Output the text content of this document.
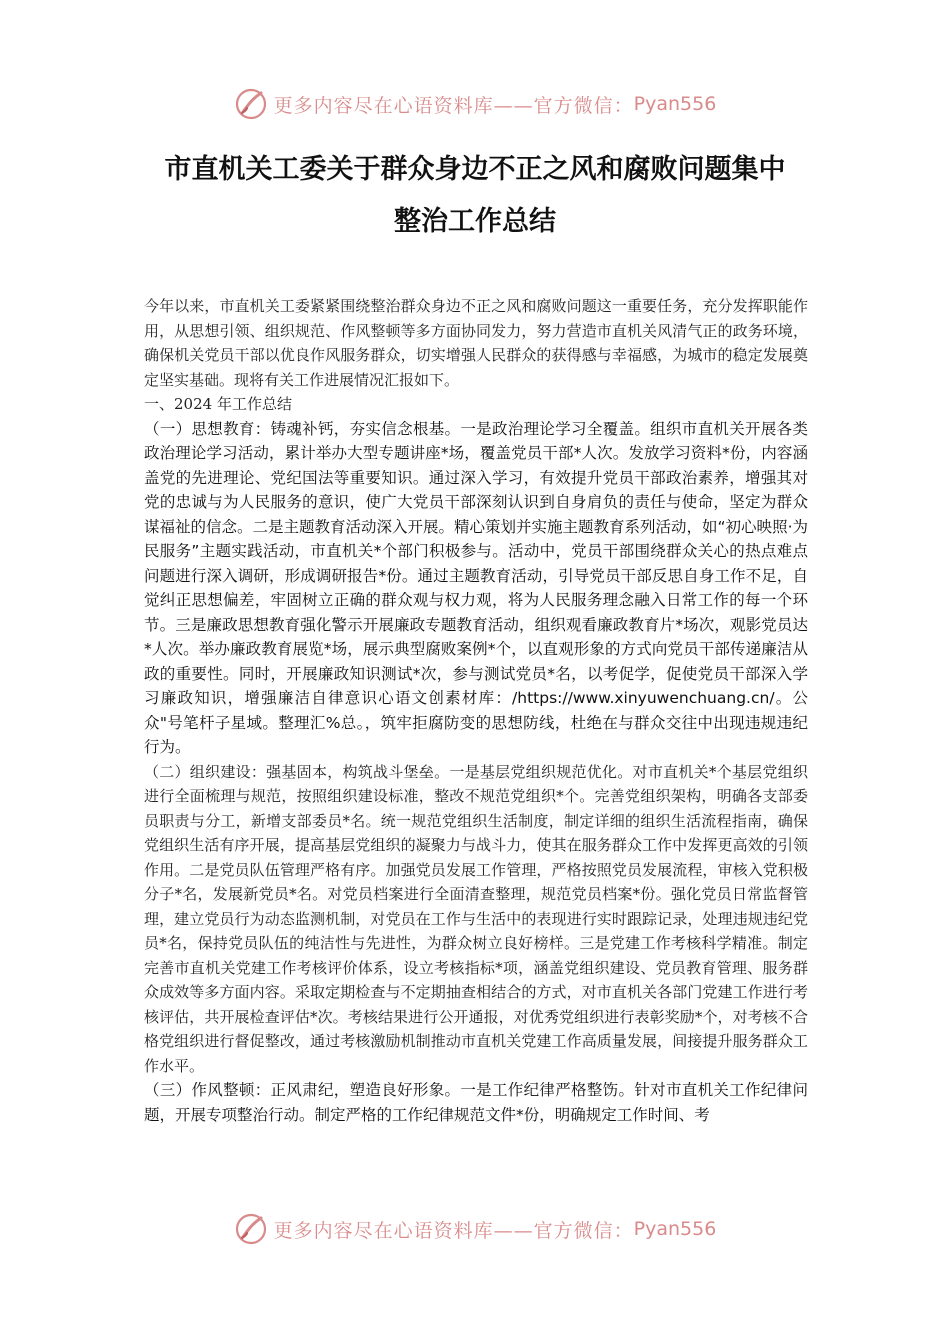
更多内容尽在心语资料库——官方微信： Pyan556
市直机关工委关于群众身边不正之风和腐败问题集中
整治工作总结

今年以来，市直机关工委紧紧围绕整治群众身边不正之风和腐败问题这一重要任务，充分发挥职能作用，从思想引领、组织规范、作风整顿等多方面协同发力，努力营造市直机关风清气正的政务环境，确保机关党员干部以优良作风服务群众，切实增强人民群众的获得感与幸福感，为城市的稳定发展奠定坚实基础。现将有关工作进展情况汇报如下。

一、2024 年工作总结

（一）思想教育：铸魂补钙，夯实信念根基。一是政治理论学习全覆盖。组织市直机关开展各类政治理论学习活动，累计举办大型专题讲座*场，覆盖党员干部*人次。发放学习资料*份，内容涵盖党的先进理论、党纪国法等重要知识。通过深入学习，有效提升党员干部政治素养，增强其对党的忠诚与为人民服务的意识，使广大党员干部深刻认识到自身肩负的责任与使命，坚定为群众谋福祉的信念。二是主题教育活动深入开展。精心策划并实施主题教育系列活动，如“初心映照·为民服务”主题实践活动，市直机关*个部门积极参与。活动中，党员干部围绕群众关心的热点难点问题进行深入调研，形成调研报告*份。通过主题教育活动，引导党员干部反思自身工作不足，自觉纠正思想偏差，牢固树立正确的群众观与权力观，将为人民服务理念融入日常工作的每一个环节。三是廉政思想教育强化警示开展廉政专题教育活动，组织观看廉政教育片*场次，观影党员达*人次。举办廉政教育展览*场，展示典型腐败案例*个，以直观形象的方式向党员干部传递廉洁从政的重要性。同时，开展廉政知识测试*次，参与测试党员*名，以考促学，促使党员干部深入学习廉政知识，增强廉洁自律意识心语文创素材库：/https://www.xinyuwenchuang.cn/。公众"号笔杆子星域。整理汇%总。，筑牢拒腐防变的思想防线，杜绝在与群众交往中出现违规违纪行为。

（二）组织建设：强基固本，构筑战斗堡垒。一是基层党组织规范优化。对市直机关*个基层党组织进行全面梳理与规范，按照组织建设标准，整改不规范党组织*个。完善党组织架构，明确各支部委员职责与分工，新增支部委员*名。统一规范党组织生活制度，制定详细的组织生活流程指南，确保党组织生活有序开展，提高基层党组织的凝聚力与战斗力，使其在服务群众工作中发挥更高效的引领作用。二是党员队伍管理严格有序。加强党员发展工作管理，严格按照党员发展流程，审核入党积极分子*名，发展新党员*名。对党员档案进行全面清查整理，规范党员档案*份。强化党员日常监督管理，建立党员行为动态监测机制，对党员在工作与生活中的表现进行实时跟踪记录，处理违规违纪党员*名，保持党员队伍的纯洁性与先进性，为群众树立良好榜样。三是党建工作考核科学精准。制定完善市直机关党建工作考核评价体系，设立考核指标*项，涵盖党组织建设、党员教育管理、服务群众成效等多方面内容。采取定期检查与不定期抽查相结合的方式，对市直机关各部门党建工作进行考核评估，共开展检查评估*次。考核结果进行公开通报，对优秀党组织进行表彰奖励*个，对考核不合格党组织进行督促整改，通过考核激励机制推动市直机关党建工作高质量发展，间接提升服务群众工作水平。

（三）作风整顿：正风肃纪，塑造良好形象。一是工作纪律严格整饬。针对市直机关工作纪律问题，开展专项整治行动。制定严格的工作纪律规范文件*份，明确规定工作时间、考

更多内容尽在心语资料库——官方微信： Pyan556
